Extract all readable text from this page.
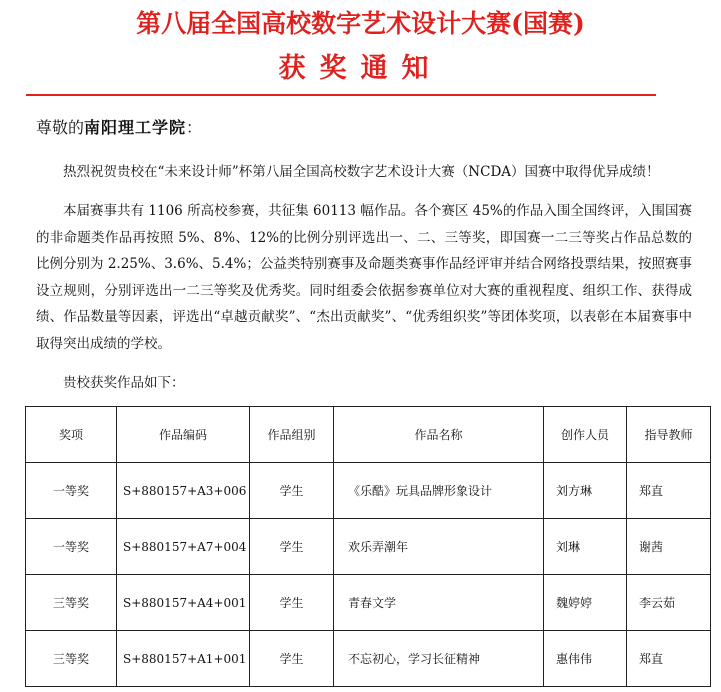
第八届全国高校数字艺术设计大赛(国赛)
获奖通知
尊敬的南阳理工学院：
热烈祝贺贵校在“未来设计师”杯第八届全国高校数字艺术设计大赛（NCDA）国赛中取得优异成绩！
本届赛事共有 1106 所高校参赛，共征集 60113 幅作品。各个赛区 45%的作品入围全国终评，入围国赛的非命题类作品再按照 5%、8%、12%的比例分别评选出一、二、三等奖，即国赛一二三等奖占作品总数的比例分别为 2.25%、3.6%、5.4%；公益类特别赛事及命题类赛事作品经评审并结合网络投票结果，按照赛事设立规则，分别评选出一二三等奖及优秀奖。同时组委会依据参赛单位对大赛的重视程度、组织工作、获得成绩、作品数量等因素，评选出“卓越贡献奖”、“杰出贡献奖”、“优秀组织奖”等团体奖项，以表彰在本届赛事中取得突出成绩的学校。
贵校获奖作品如下：
奖项	作品编码	作品组别	作品名称	创作人员	指导教师
一等奖	S+880157+A3+006	学生	《乐酷》玩具品牌形象设计	刘方琳	郑直
一等奖	S+880157+A7+004	学生	欢乐弄潮年	刘琳	谢茜
三等奖	S+880157+A4+001	学生	青春文学	魏婷婷	李云茹
三等奖	S+880157+A1+001	学生	不忘初心，学习长征精神	惠伟伟	郑直
